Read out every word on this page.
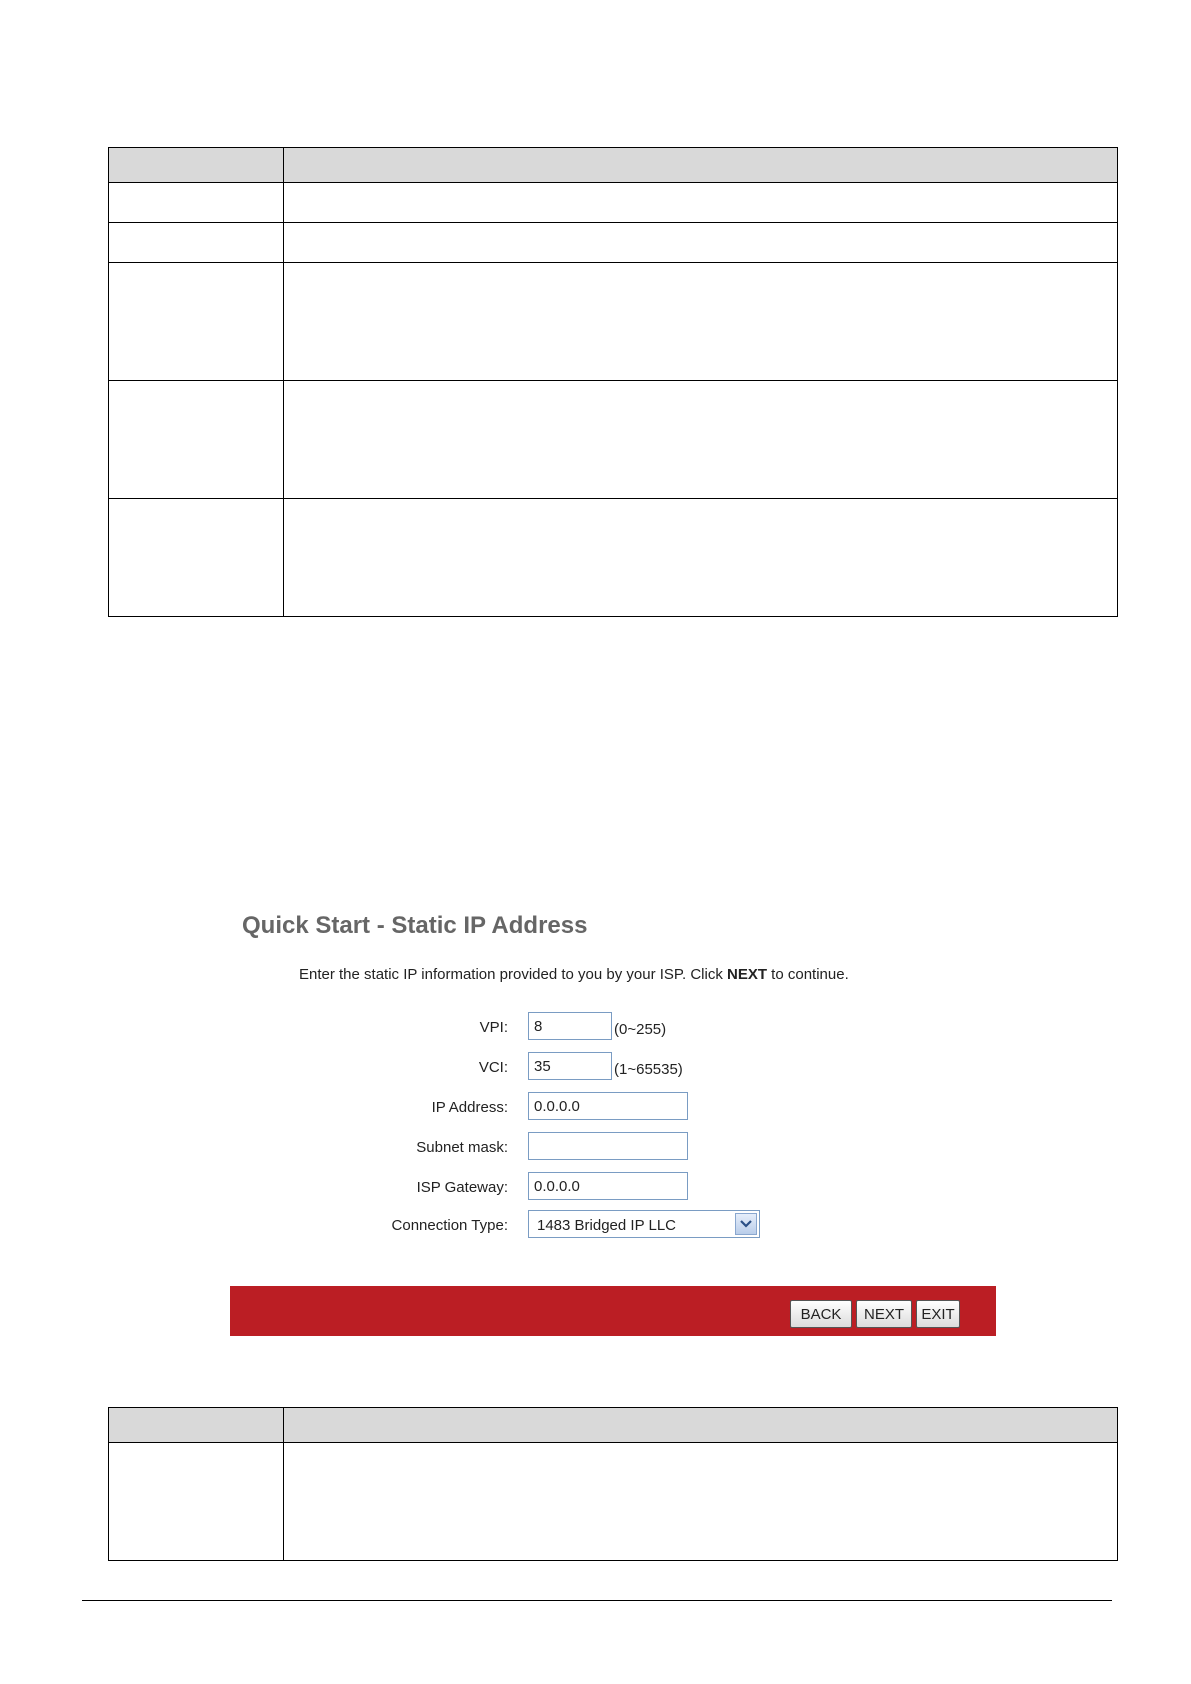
Quick Start - Static IP Address

Enter the static IP information provided to you by your ISP. Click NEXT to continue.

VPI:
8	(0~255)
VCI:
35	(1~65535)
IP Address:
0.0.0.0
Subnet mask:
ISP Gateway:
0.0.0.0
Connection Type: 1483 Bridged IP LLC
BACK	NEXT	EXIT
